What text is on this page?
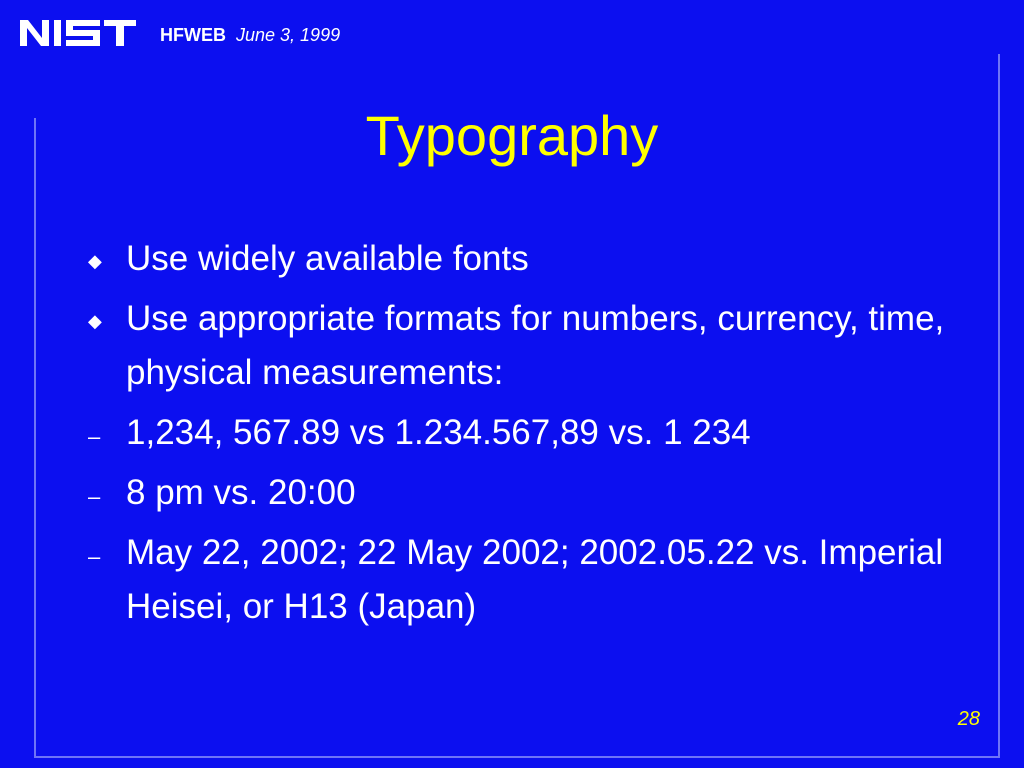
HFWEB June 3, 1999
Typography
◆ Use widely available fonts
◆ Use appropriate formats for numbers, currency, time, physical measurements:
– 1,234, 567.89 vs 1.234.567,89 vs. 1 234
– 8 pm vs. 20:00
– May 22, 2002; 22 May 2002; 2002.05.22 vs. Imperial Heisei, or H13 (Japan)
28
